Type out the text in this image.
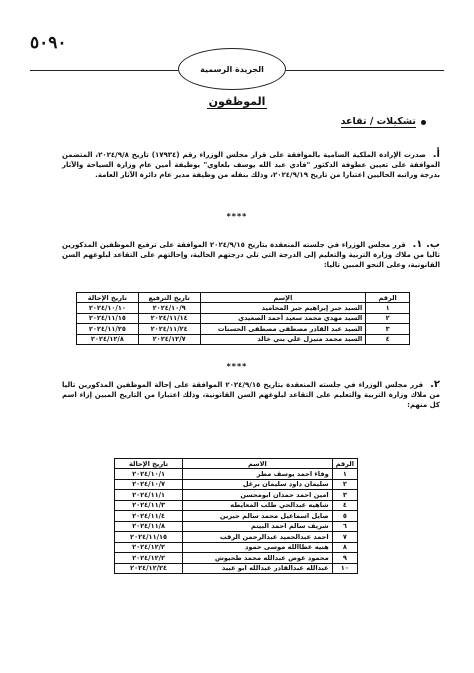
٥٠٩٠
الجريدة الرسمية
الموظفون
تشكيلات / تقاعد
أ. صدرت الإرادة الملكية السامية بالموافقة على قرار مجلس الوزراء رقم (١٧٩٣٤) تاريخ ٢٠٢٤/٩/٨، المتضمن الموافقة على تعيين عطوفة الدكتور "فادي عبد الله يوسف بلعاوي" بوظيفة أمين عام وزارة السياحة والآثار بدرجة وراتبه الحاليين اعتبارا من تاريخ ٢٠٢٤/٩/١٩، وذلك بنقله من وظيفة مدير عام دائرة الآثار العامة.
****
ب. ١. قرر مجلس الوزراء في جلسته المنعقدة بتاريخ ٢٠٢٤/٩/١٥ الموافقة على ترفيع الموظفين المذكورين تاليا من ملاك وزارة التربية والتعليم إلى الدرجة التي تلي درجتهم الحالية، وإحالتهم على التقاعد لبلوغهم السن القانونية، وعلى النحو المبين تاليا:
الرقم	الإسم	تاريخ الترفيع	تاريخ الإحالة
١	السيد جبر إبراهيم جبر المحاميد	٢٠٢٤/١٠/٩	٢٠٢٤/١٠/١٠
٢	السيد مهدي محمد سعيد أحمد الصعيدي	٢٠٢٤/١١/١٤	٢٠٢٤/١١/١٥
٣	السيد عبد القادر مصطفى مصطفى الحسنات	٢٠٢٤/١١/٢٤	٢٠٢٤/١١/٢٥
٤	السيد محمد منيزل علي بني خالد	٢٠٢٤/١٢/٧	٢٠٢٤/١٢/٨
****
٢. قرر مجلس الوزراء في جلسته المنعقدة بتاريخ ٢٠٢٤/٩/١٥ الموافقة على إحالة الموظفين المذكورين تاليا من ملاك وزارة التربية والتعليم على التقاعد لبلوغهم السن القانونية، وذلك اعتبارا من التاريخ المبين إزاء اسم كل منهم:
الرقم	الاسم	تاريخ الإحالة
١	وفاء احمد يوسف مطر	٢٠٢٤/١٠/١
٢	سليمان داود سليمان برغل	٢٠٢٤/١٠/٧
٣	امين احمد حمدان ابومحسن	٢٠٢٤/١١/١
٤	شاهيه عبدالحي طلب المعايطه	٢٠٢٤/١١/٣
٥	صايل اسماعيل محمد سالم جبرين	٢٠٢٤/١١/٤
٦	شريف سالم احمد البيتم	٢٠٢٤/١١/٨
٧	احمد عبدالحميد عبدالرحمن الرقب	٢٠٢٤/١١/١٥
٨	هنيه عطاالله موسى حمود	٢٠٢٤/١٢/٢
٩	محمود عوض عبدالله محمد طحيوش	٢٠٢٤/١٢/٢
١٠	عبدالله عبدالقادر عبدالله ابو عبيد	٢٠٢٤/١٢/٢٤
